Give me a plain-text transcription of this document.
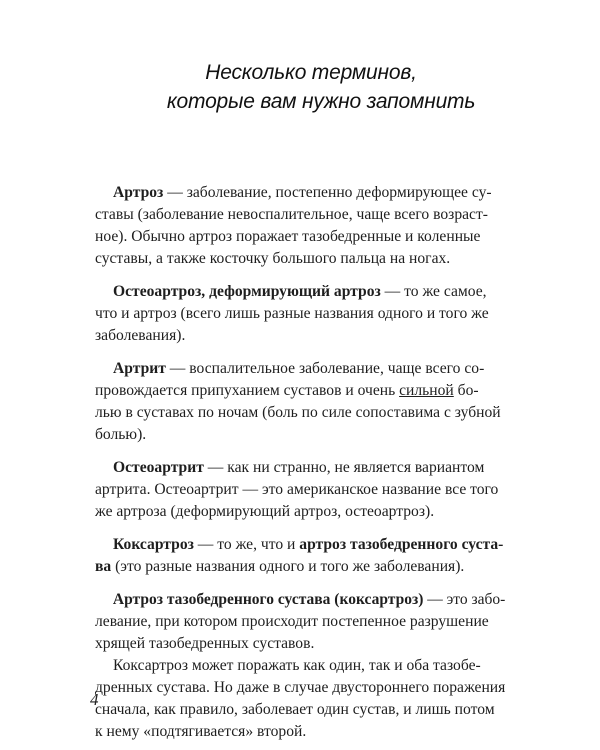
Несколько терминов,
которые вам нужно запомнить
Артроз — заболевание, постепенно деформирующее су-
ставы (заболевание невоспалительное, чаще всего возраст-
ное). Обычно артроз поражает тазобедренные и коленные
суставы, а также косточку большого пальца на ногах.
Остеоартроз, деформирующий артроз — то же самое,
что и артроз (всего лишь разные названия одного и того же
заболевания).
Артрит — воспалительное заболевание, чаще всего со-
провождается припуханием суставов и очень сильной бо-
лью в суставах по ночам (боль по силе сопоставима с зубной
болью).
Остеоартрит — как ни странно, не является вариантом
артрита. Остеоартрит — это американское название все того
же артроза (деформирующий артроз, остеоартроз).
Коксартроз — то же, что и артроз тазобедренного суста-
ва (это разные названия одного и того же заболевания).
Артроз тазобедренного сустава (коксартроз) — это забо-
левание, при котором происходит постепенное разрушение
хрящей тазобедренных суставов.
Коксартроз может поражать как один, так и оба тазобе-
дренных сустава. Но даже в случае двустороннего поражения
сначала, как правило, заболевает один сустав, и лишь потом
к нему «подтягивается» второй.
4
